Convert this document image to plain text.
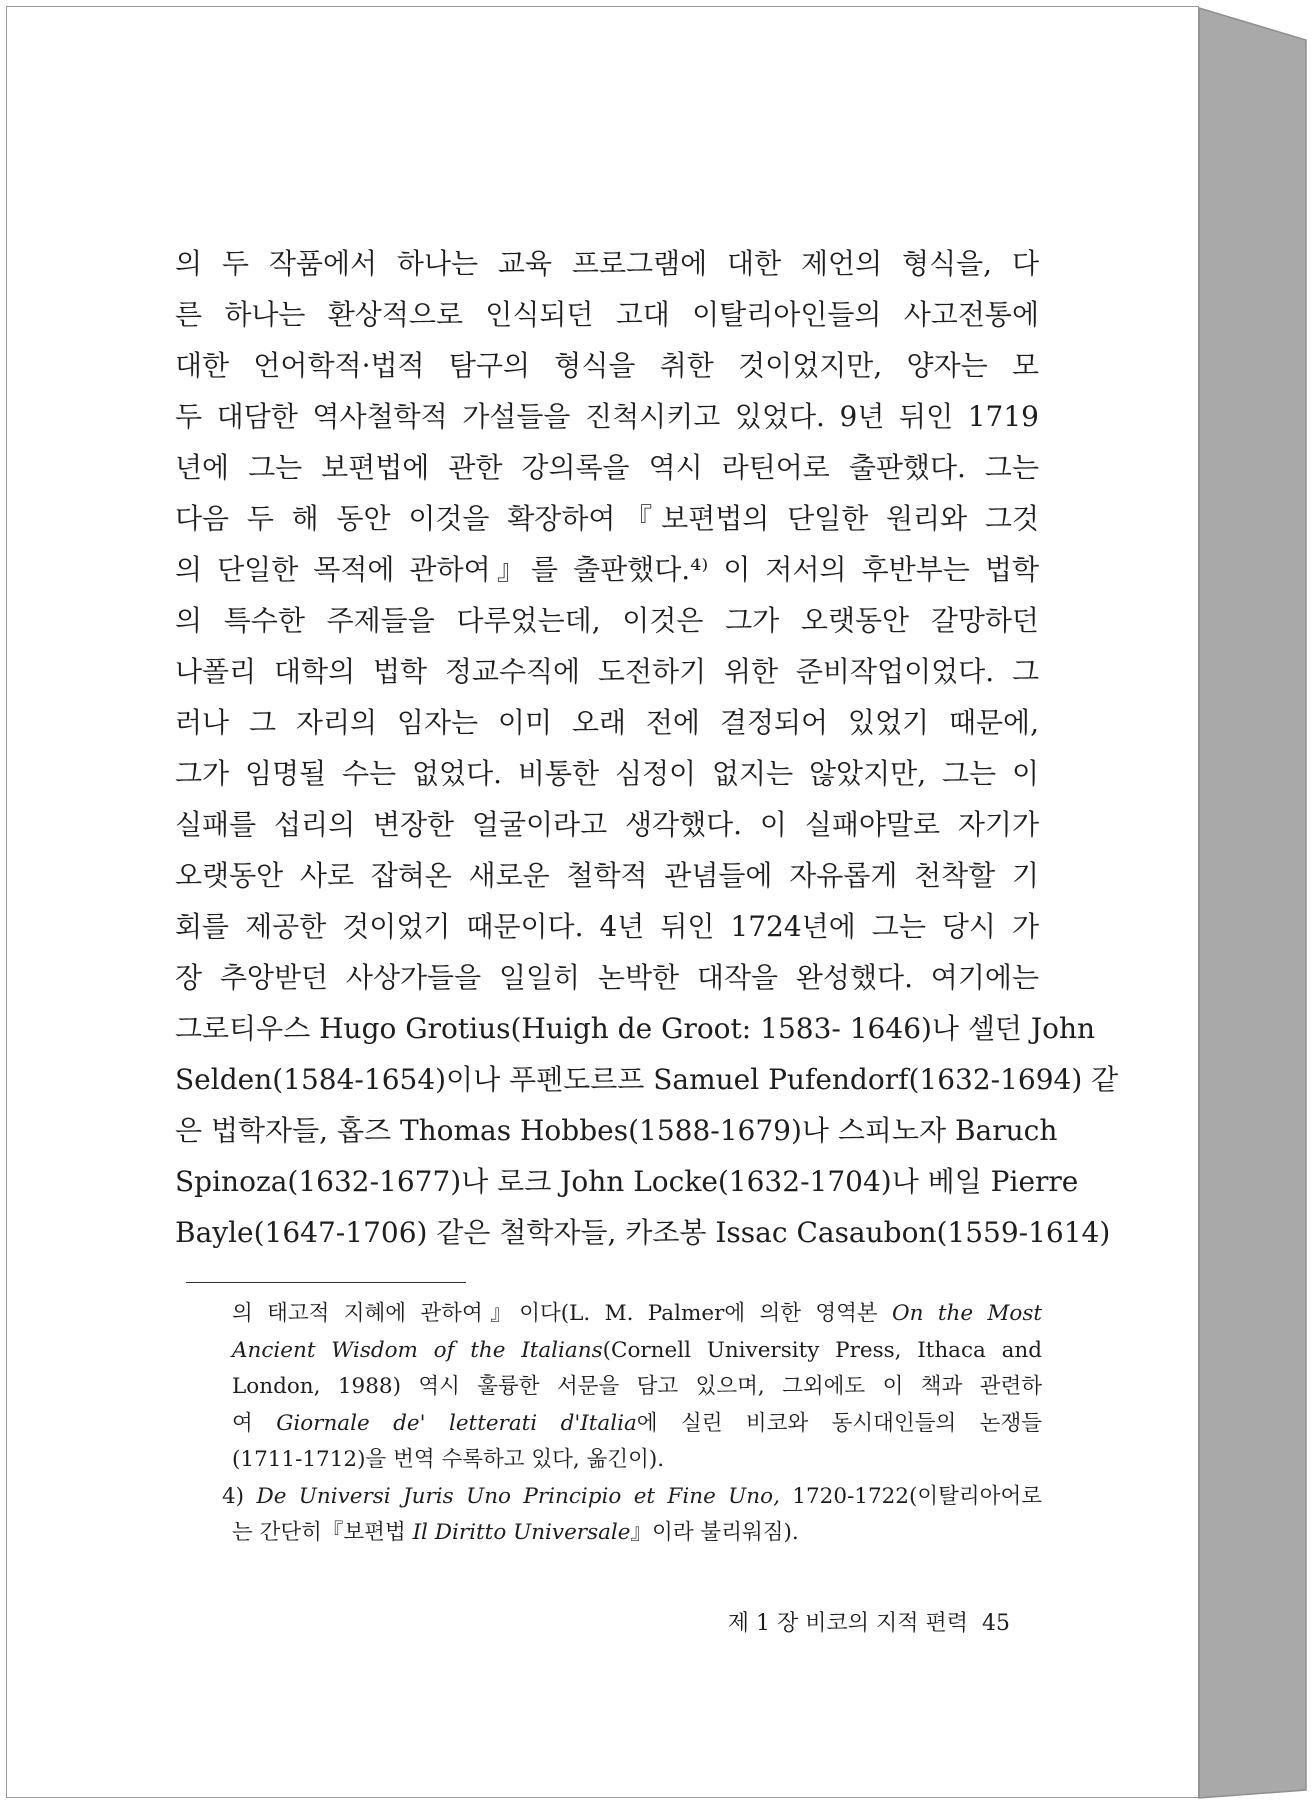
의 두 작품에서 하나는 교육 프로그램에 대한 제언의 형식을, 다
른 하나는 환상적으로 인식되던 고대 이탈리아인들의 사고전통에
대한 언어학적·법적 탐구의 형식을 취한 것이었지만, 양자는 모
두 대담한 역사철학적 가설들을 진척시키고 있었다. 9년 뒤인 1719
년에 그는 보편법에 관한 강의록을 역시 라틴어로 출판했다. 그는
다음 두 해 동안 이것을 확장하여『보편법의 단일한 원리와 그것
의 단일한 목적에 관하여』를 출판했다.⁴⁾ 이 저서의 후반부는 법학
의 특수한 주제들을 다루었는데, 이것은 그가 오랫동안 갈망하던
나폴리 대학의 법학 정교수직에 도전하기 위한 준비작업이었다. 그
러나 그 자리의 임자는 이미 오래 전에 결정되어 있었기 때문에,
그가 임명될 수는 없었다. 비통한 심정이 없지는 않았지만, 그는 이
실패를 섭리의 변장한 얼굴이라고 생각했다. 이 실패야말로 자기가
오랫동안 사로 잡혀온 새로운 철학적 관념들에 자유롭게 천착할 기
회를 제공한 것이었기 때문이다. 4년 뒤인 1724년에 그는 당시 가
장 추앙받던 사상가들을 일일히 논박한 대작을 완성했다. 여기에는
그로티우스 Hugo Grotius(Huigh de Groot: 1583- 1646)나 셀던 John
Selden(1584-1654)이나 푸펜도르프 Samuel Pufendorf(1632-1694) 같
은 법학자들, 홉즈 Thomas Hobbes(1588-1679)나 스피노자 Baruch
Spinoza(1632-1677)나 로크 John Locke(1632-1704)나 베일 Pierre
Bayle(1647-1706) 같은 철학자들, 카조봉 Issac Casaubon(1559-1614)
의 태고적 지혜에 관하여』이다(L. M. Palmer에 의한 영역본 On the Most
Ancient Wisdom of the Italians(Cornell University Press, Ithaca and
London, 1988) 역시 훌륭한 서문을 담고 있으며, 그외에도 이 책과 관련하
여 Giornale de' letterati d'Italia에 실린 비코와 동시대인들의 논쟁들
(1711-1712)을 번역 수록하고 있다, 옮긴이).
4) De Universi Juris Uno Principio et Fine Uno, 1720-1722(이탈리아어로
는 간단히『보편법 Il Diritto Universale』이라 불리워짐).
제 1 장 비코의 지적 편력 45
